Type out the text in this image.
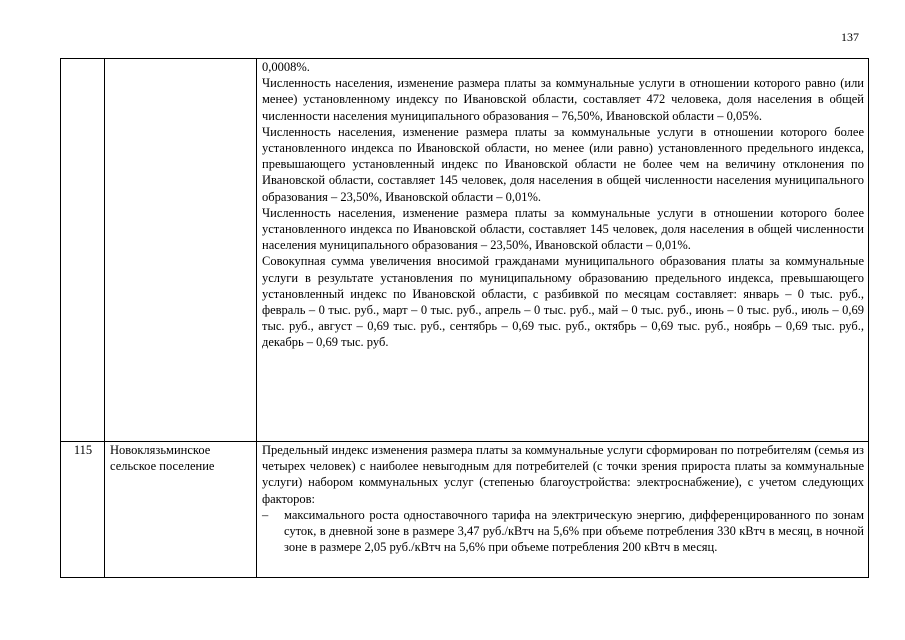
137

		0,0008%.

Численность населения, изменение размера платы за коммунальные услуги в отношении которого равно (или менее) установленному индексу по Ивановской области, составляет 472 человека, доля населения в общей численности населения муниципального образования – 76,50%, Ивановской области – 0,05%.

Численность населения, изменение размера платы за коммунальные услуги в отношении которого более установленного индекса по Ивановской области, но менее (или равно) установленного предельного индекса, превышающего установленный индекс по Ивановской области не более чем на величину отклонения по Ивановской области, составляет 145 человек, доля населения в общей численности населения муниципального образования – 23,50%, Ивановской области – 0,01%.

Численность населения, изменение размера платы за коммунальные услуги в отношении которого более установленного индекса по Ивановской области, составляет 145 человек, доля населения в общей численности населения муниципального образования – 23,50%, Ивановской области – 0,01%.

Совокупная сумма увеличения вносимой гражданами муниципального образования платы за коммунальные услуги в результате установления по муниципальному образованию предельного индекса, превышающего установленный индекс по Ивановской области, с разбивкой по месяцам составляет: январь – 0 тыс. руб., февраль – 0 тыс. руб., март – 0 тыс. руб., апрель – 0 тыс. руб., май – 0 тыс. руб., июнь – 0 тыс. руб., июль – 0,69 тыс. руб., август – 0,69 тыс. руб., сентябрь – 0,69 тыс. руб., октябрь – 0,69 тыс. руб., ноябрь – 0,69 тыс. руб., декабрь – 0,69 тыс. руб.

115	Новоклязьминское сельское поселение	Предельный индекс изменения размера платы за коммунальные услуги сформирован по потребителям (семья из четырех человек) с наиболее невыгодным для потребителей (с точки зрения прироста платы за коммунальные услуги) набором коммунальных услуг (степенью благоустройства: электроснабжение), с учетом следующих факторов:

– максимального роста одноставочного тарифа на электрическую энергию, дифференцированного по зонам суток, в дневной зоне в размере 3,47 руб./кВтч на 5,6% при объеме потребления 330 кВтч в месяц, в ночной зоне в размере 2,05 руб./кВтч на 5,6% при объеме потребления 200 кВтч в месяц.
